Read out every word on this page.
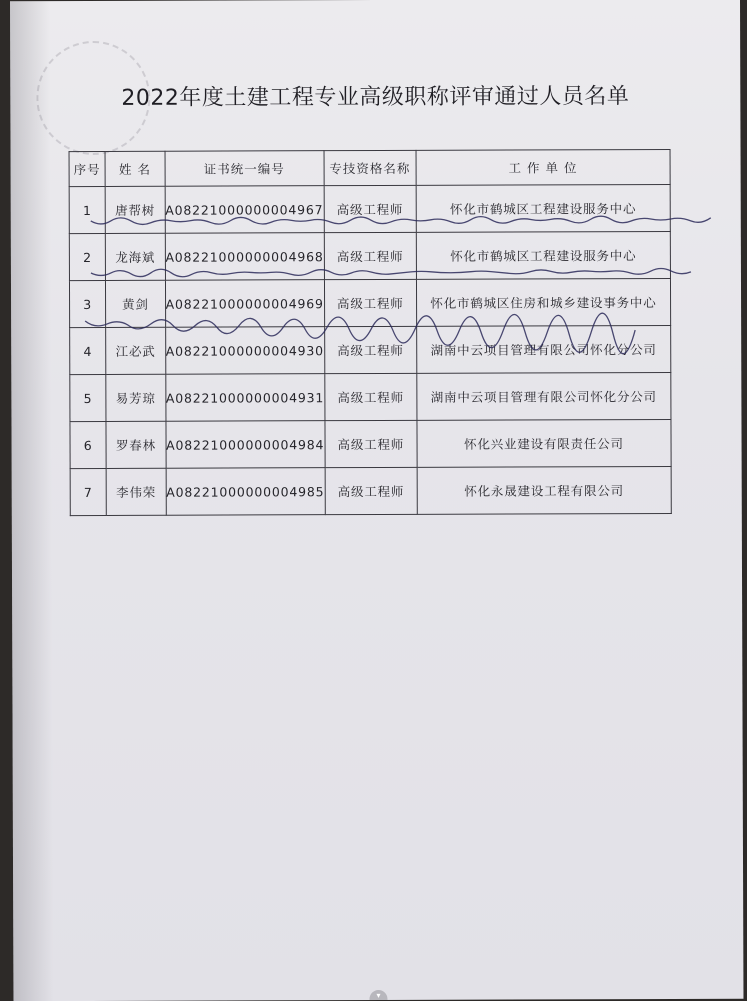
2022年度土建工程专业高级职称评审通过人员名单
序号	姓 名	证书统一编号	专技资格名称	工 作 单 位
1	唐帮树	A08221000000004967	高级工程师	怀化市鹤城区工程建设服务中心
2	龙海斌	A08221000000004968	高级工程师	怀化市鹤城区工程建设服务中心
3	黄剑	A08221000000004969	高级工程师	怀化市鹤城区住房和城乡建设事务中心
4	江必武	A08221000000004930	高级工程师	湖南中云项目管理有限公司怀化分公司
5	易芳琼	A08221000000004931	高级工程师	湖南中云项目管理有限公司怀化分公司
6	罗春林	A08221000000004984	高级工程师	怀化兴业建设有限责任公司
7	李伟荣	A08221000000004985	高级工程师	怀化永晟建设工程有限公司
▾
